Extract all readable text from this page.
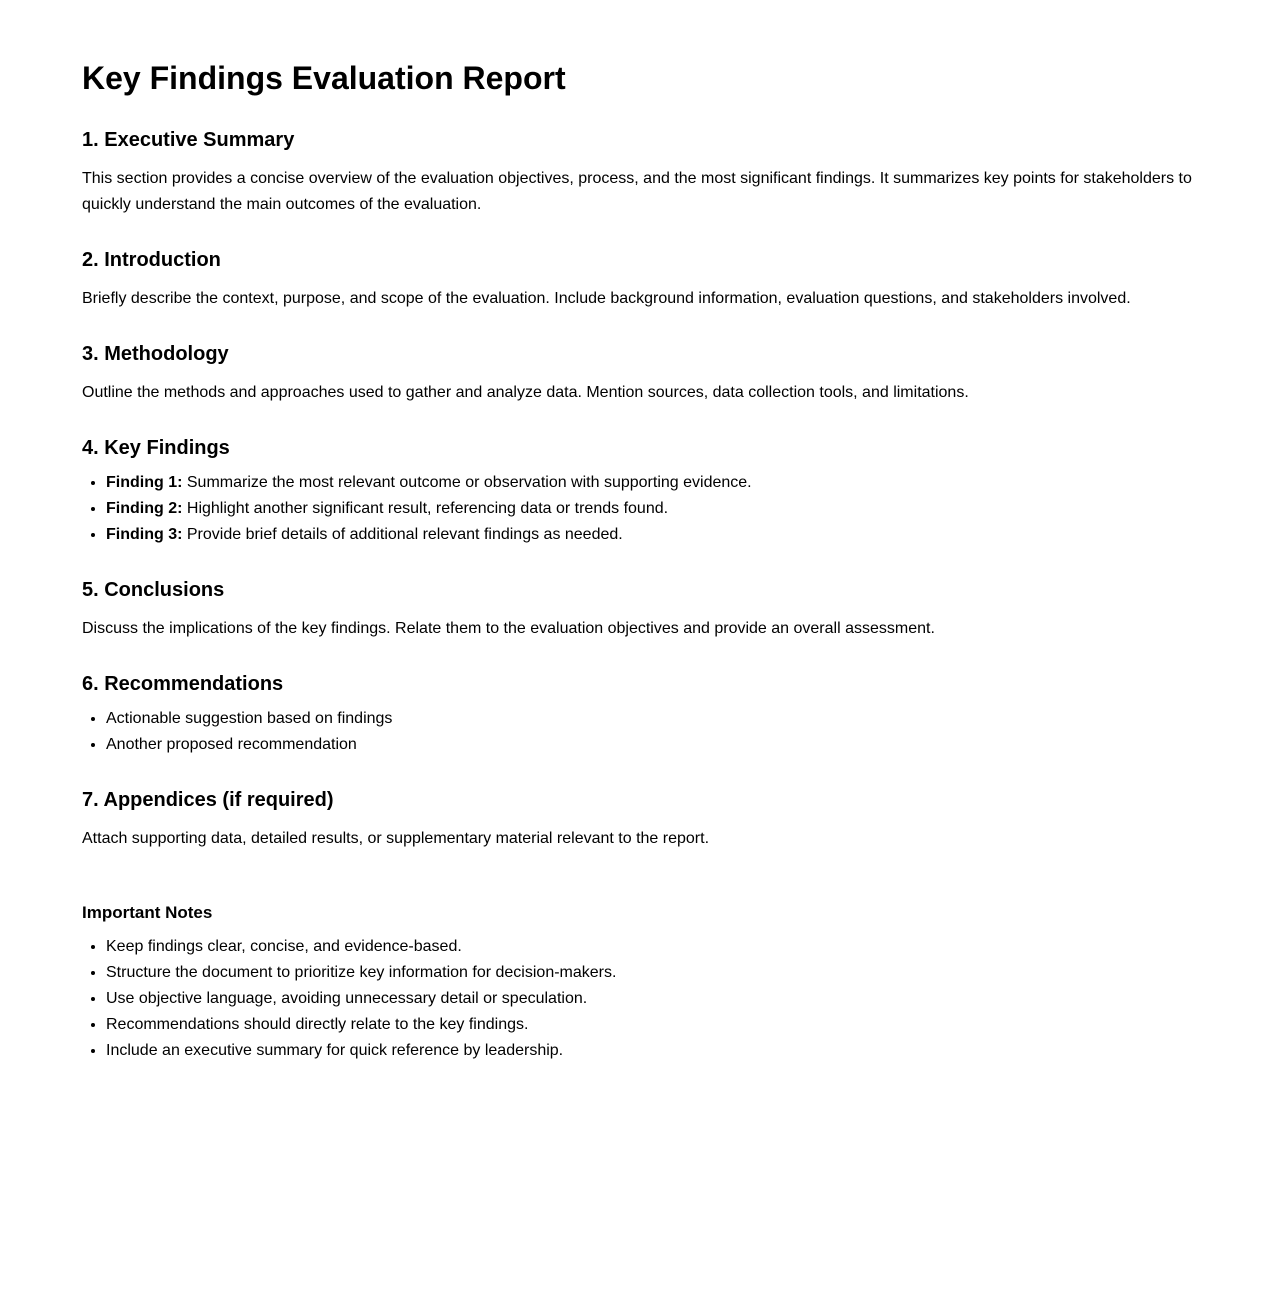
Key Findings Evaluation Report
1. Executive Summary

This section provides a concise overview of the evaluation objectives, process, and the most significant findings. It summarizes key points for stakeholders to quickly understand the main outcomes of the evaluation.

2. Introduction

Briefly describe the context, purpose, and scope of the evaluation. Include background information, evaluation questions, and stakeholders involved.

3. Methodology

Outline the methods and approaches used to gather and analyze data. Mention sources, data collection tools, and limitations.

4. Key Findings
• Finding 1: Summarize the most relevant outcome or observation with supporting evidence.
• Finding 2: Highlight another significant result, referencing data or trends found.
• Finding 3: Provide brief details of additional relevant findings as needed.
5. Conclusions

Discuss the implications of the key findings. Relate them to the evaluation objectives and provide an overall assessment.

6. Recommendations
• Actionable suggestion based on findings
• Another proposed recommendation
7. Appendices (if required)

Attach supporting data, detailed results, or supplementary material relevant to the report.

Important Notes
• Keep findings clear, concise, and evidence-based.
• Structure the document to prioritize key information for decision-makers.
• Use objective language, avoiding unnecessary detail or speculation.
• Recommendations should directly relate to the key findings.
• Include an executive summary for quick reference by leadership.
